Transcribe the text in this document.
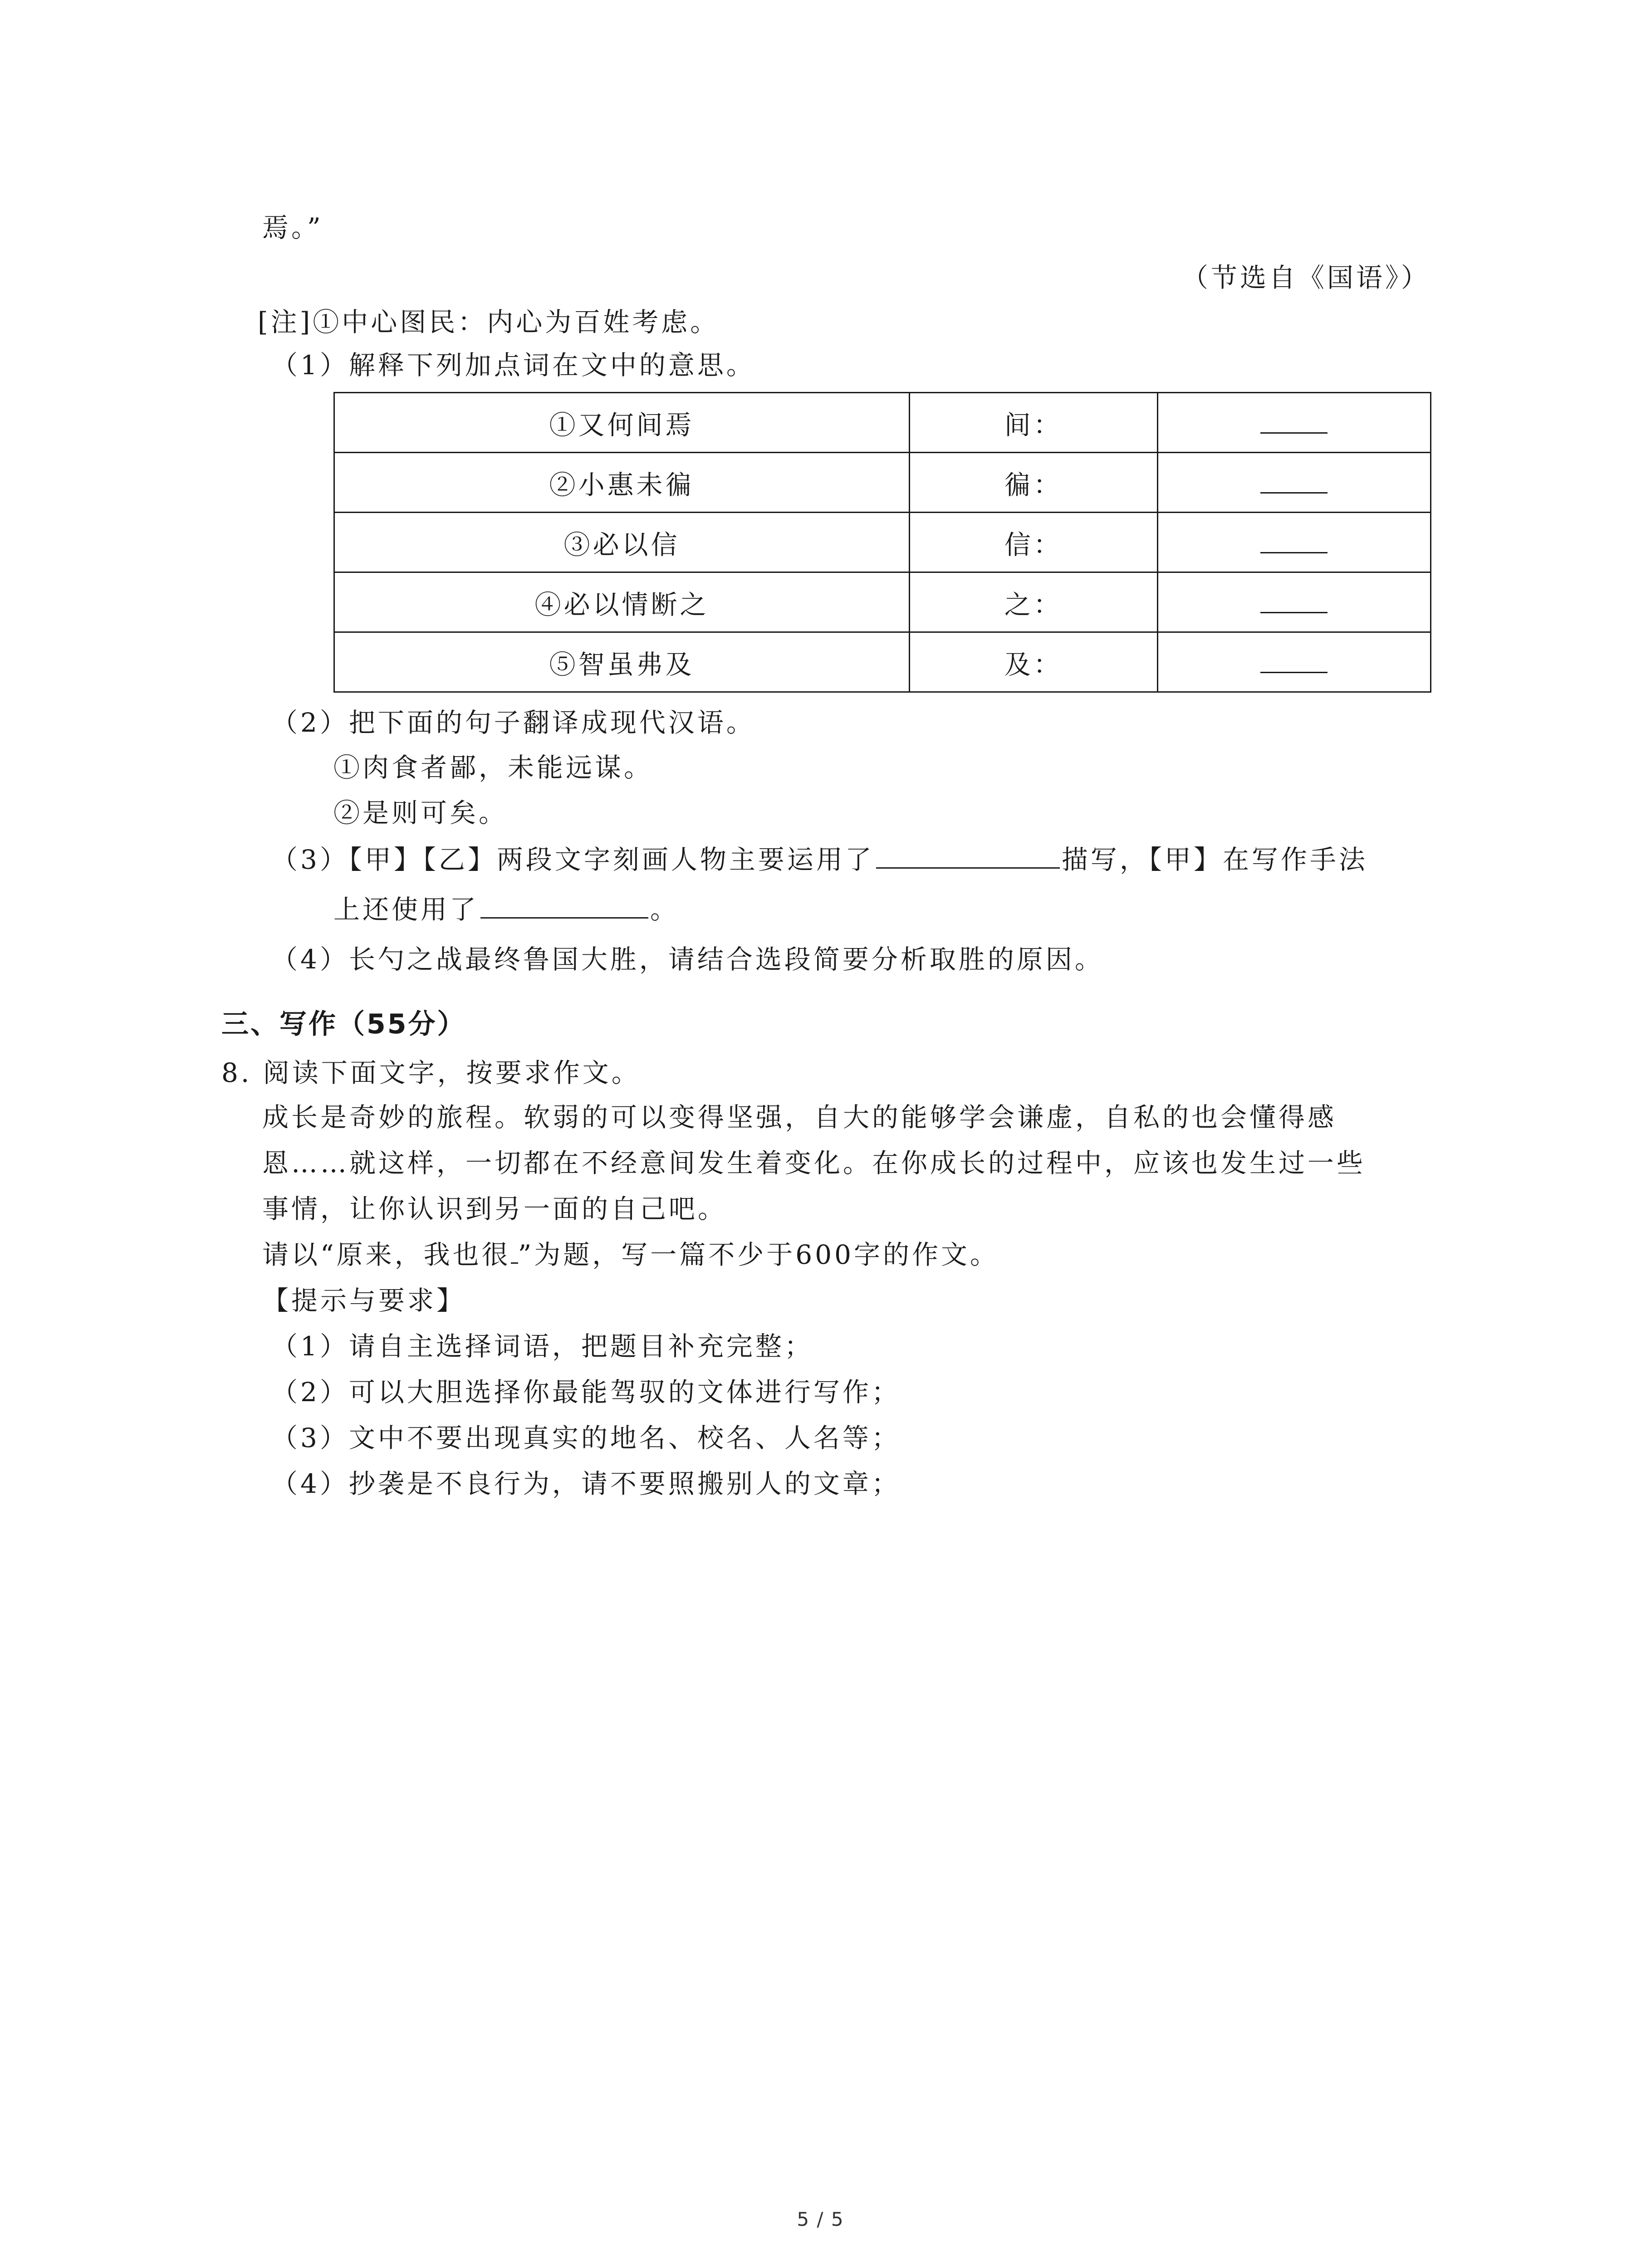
焉。”
（节选自《国语》）
[注]①中心图民：内心为百姓考虑。
（1）解释下列加点词在文中的意思。
①又何间焉	间：	
②小惠未徧	徧：	
③必以信	信：	
④必以情断之	之：	
⑤智虽弗及	及：	
（2）把下面的句子翻译成现代汉语。
①肉食者鄙，未能远谋。
②是则可矣。
（3）【甲】【乙】两段文字刻画人物主要运用了	描写，【甲】在写作手法
上还使用了	。
（4）长勺之战最终鲁国大胜，请结合选段简要分析取胜的原因。
三、写作（55分）
8. 阅读下面文字，按要求作文。
成长是奇妙的旅程。软弱的可以变得坚强，自大的能够学会谦虚，自私的也会懂得感
恩……就这样，一切都在不经意间发生着变化。在你成长的过程中，应该也发生过一些
事情，让你认识到另一面的自己吧。
请以“原来，我也很 ”为题，写一篇不少于600字的作文。
【提示与要求】
（1）请自主选择词语，把题目补充完整；
（2）可以大胆选择你最能驾驭的文体进行写作；
（3）文中不要出现真实的地名、校名、人名等；
（4）抄袭是不良行为，请不要照搬别人的文章；
5 / 5
